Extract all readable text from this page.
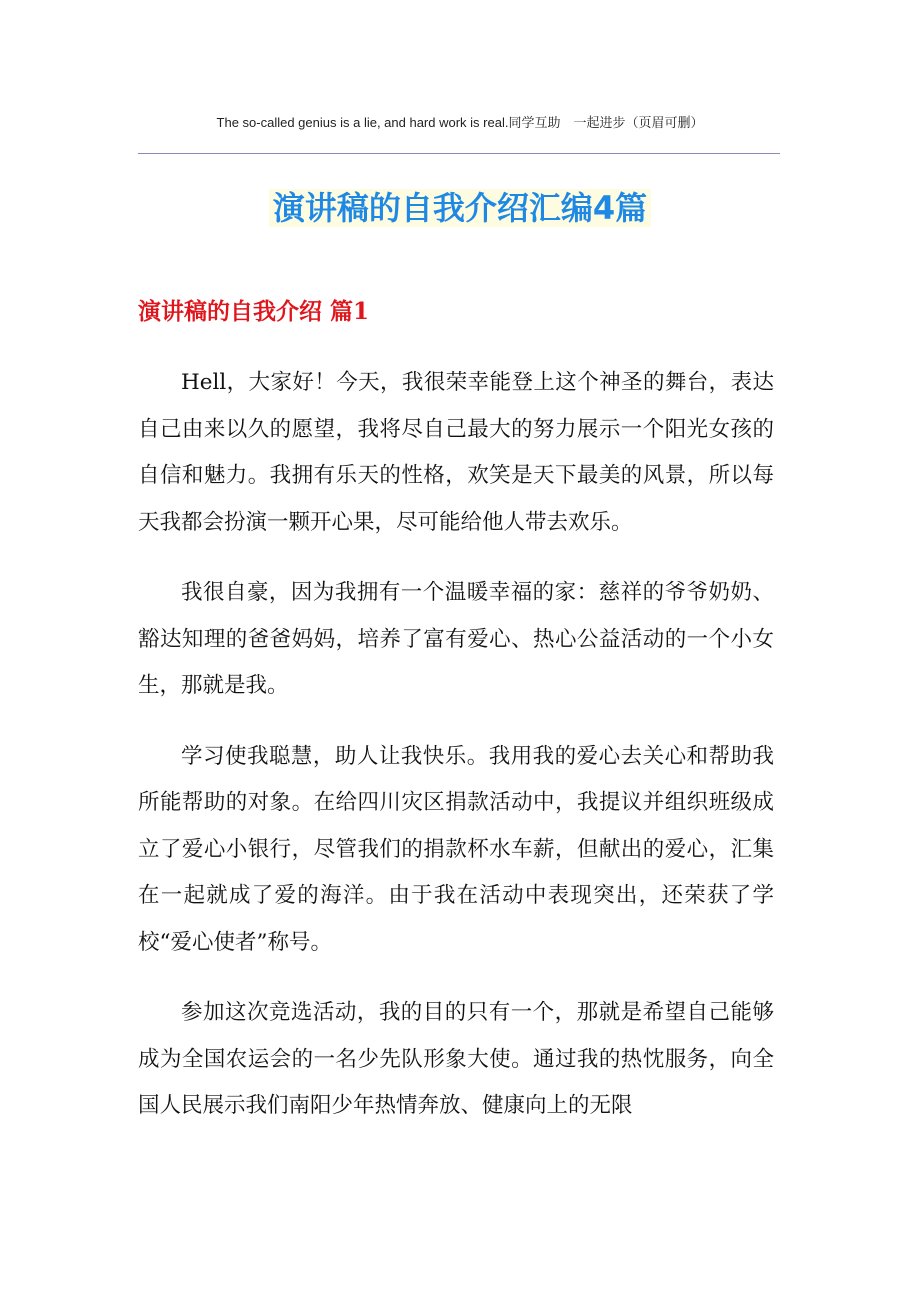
The so-called genius is a lie, and hard work is real.同学互助　一起进步（页眉可删）
演讲稿的自我介绍汇编4篇
演讲稿的自我介绍 篇1

Hell，大家好！今天，我很荣幸能登上这个神圣的舞台，表达自己由来以久的愿望，我将尽自己最大的努力展示一个阳光女孩的自信和魅力。我拥有乐天的性格，欢笑是天下最美的风景，所以每天我都会扮演一颗开心果，尽可能给他人带去欢乐。

我很自豪，因为我拥有一个温暖幸福的家：慈祥的爷爷奶奶、豁达知理的爸爸妈妈，培养了富有爱心、热心公益活动的一个小女生，那就是我。

学习使我聪慧，助人让我快乐。我用我的爱心去关心和帮助我所能帮助的对象。在给四川灾区捐款活动中，我提议并组织班级成立了爱心小银行，尽管我们的捐款杯水车薪，但献出的爱心，汇集在一起就成了爱的海洋。由于我在活动中表现突出，还荣获了学校“爱心使者”称号。

参加这次竞选活动，我的目的只有一个，那就是希望自己能够成为全国农运会的一名少先队形象大使。通过我的热忱服务，向全国人民展示我们南阳少年热情奔放、健康向上的无限
